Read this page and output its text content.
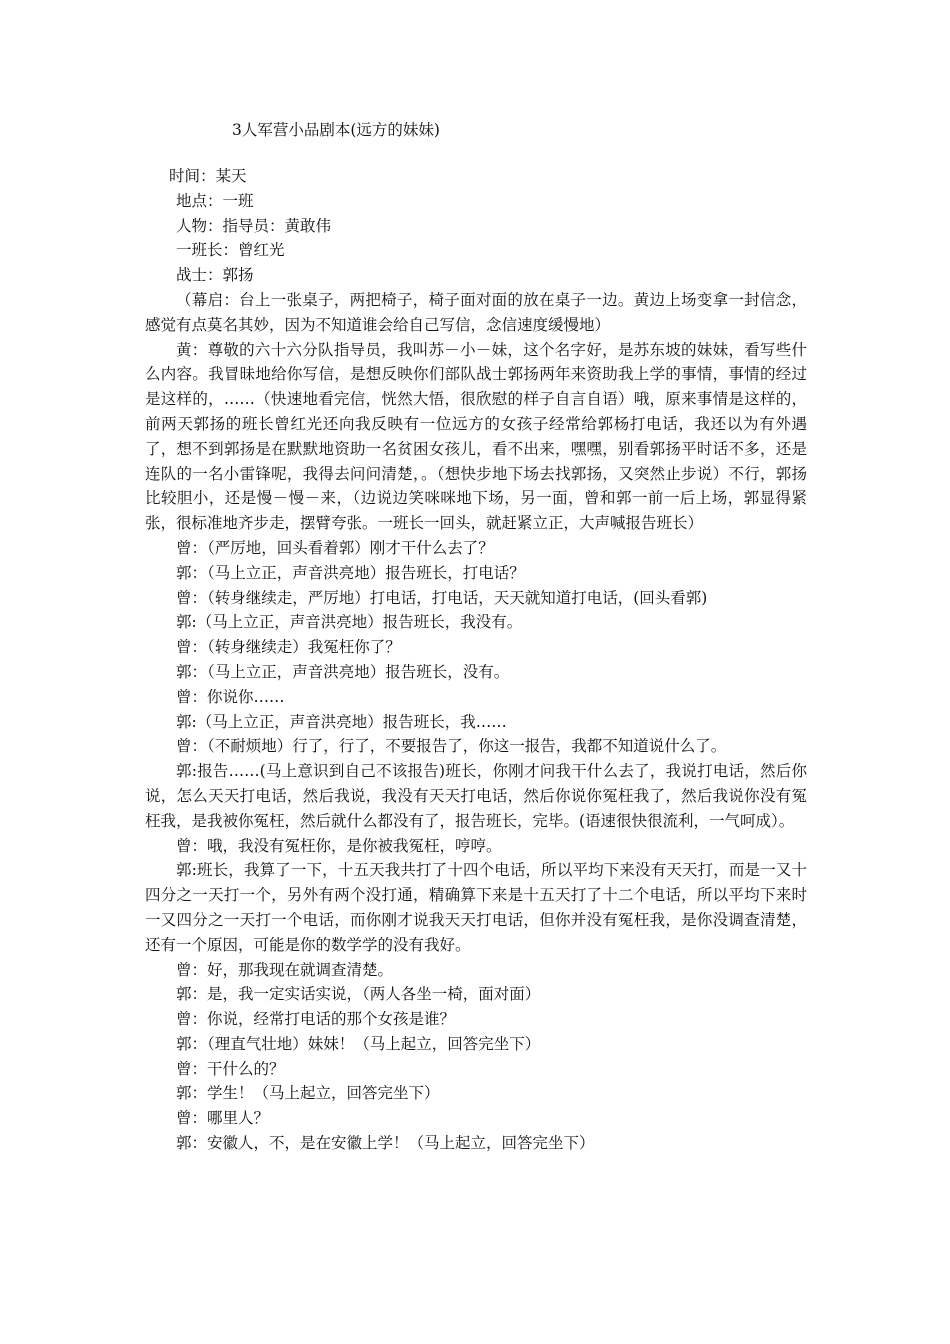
3人军营小品剧本(远方的妹妹)

时间：某天

地点：一班

人物：指导员：黄敢伟

一班长：曾红光

战士：郭扬

（幕启：台上一张桌子，两把椅子，椅子面对面的放在桌子一边。黄边上场变拿一封信念，感觉有点莫名其妙，因为不知道谁会给自己写信，念信速度缓慢地）

黄：尊敬的六十六分队指导员，我叫苏－小－妹，这个名字好，是苏东坡的妹妹，看写些什么内容。我冒昧地给你写信，是想反映你们部队战士郭扬两年来资助我上学的事情，事情的经过是这样的，……（快速地看完信，恍然大悟，很欣慰的样子自言自语）哦，原来事情是这样的，前两天郭扬的班长曾红光还向我反映有一位远方的女孩子经常给郭杨打电话，我还以为有外遇了，想不到郭扬是在默默地资助一名贫困女孩儿，看不出来，嘿嘿，别看郭扬平时话不多，还是连队的一名小雷锋呢，我得去问问清楚，。（想快步地下场去找郭扬，又突然止步说）不行，郭扬比较胆小，还是慢－慢－来，（边说边笑咪咪地下场，另一面，曾和郭一前一后上场，郭显得紧张，很标准地齐步走，摆臂夸张。一班长一回头，就赶紧立正，大声喊报告班长）

曾：（严厉地，回头看着郭）刚才干什么去了？

郭：（马上立正，声音洪亮地）报告班长，打电话？

曾：（转身继续走，严厉地）打电话，打电话，天天就知道打电话，(回头看郭)

郭:（马上立正，声音洪亮地）报告班长，我没有。

曾：（转身继续走）我冤枉你了？

郭：（马上立正，声音洪亮地）报告班长，没有。

曾：你说你……

郭:（马上立正，声音洪亮地）报告班长，我……

曾：（不耐烦地）行了，行了，不要报告了，你这一报告，我都不知道说什么了。

郭:报告……(马上意识到自己不该报告)班长，你刚才问我干什么去了，我说打电话，然后你说，怎么天天打电话，然后我说，我没有天天打电话，然后你说你冤枉我了，然后我说你没有冤枉我，是我被你冤枉，然后就什么都没有了，报告班长，完毕。(语速很快很流利，一气呵成）。

曾：哦，我没有冤枉你，是你被我冤枉，哼哼。

郭:班长，我算了一下，十五天我共打了十四个电话，所以平均下来没有天天打，而是一又十四分之一天打一个，另外有两个没打通，精确算下来是十五天打了十二个电话，所以平均下来时一又四分之一天打一个电话，而你刚才说我天天打电话，但你并没有冤枉我，是你没调查清楚，还有一个原因，可能是你的数学学的没有我好。

曾：好，那我现在就调查清楚。

郭：是，我一定实话实说，（两人各坐一椅，面对面）

曾：你说，经常打电话的那个女孩是谁？

郭：（理直气壮地）妹妹！（马上起立，回答完坐下）

曾：干什么的？

郭：学生！（马上起立，回答完坐下）

曾：哪里人？

郭：安徽人，不，是在安徽上学！（马上起立，回答完坐下）
